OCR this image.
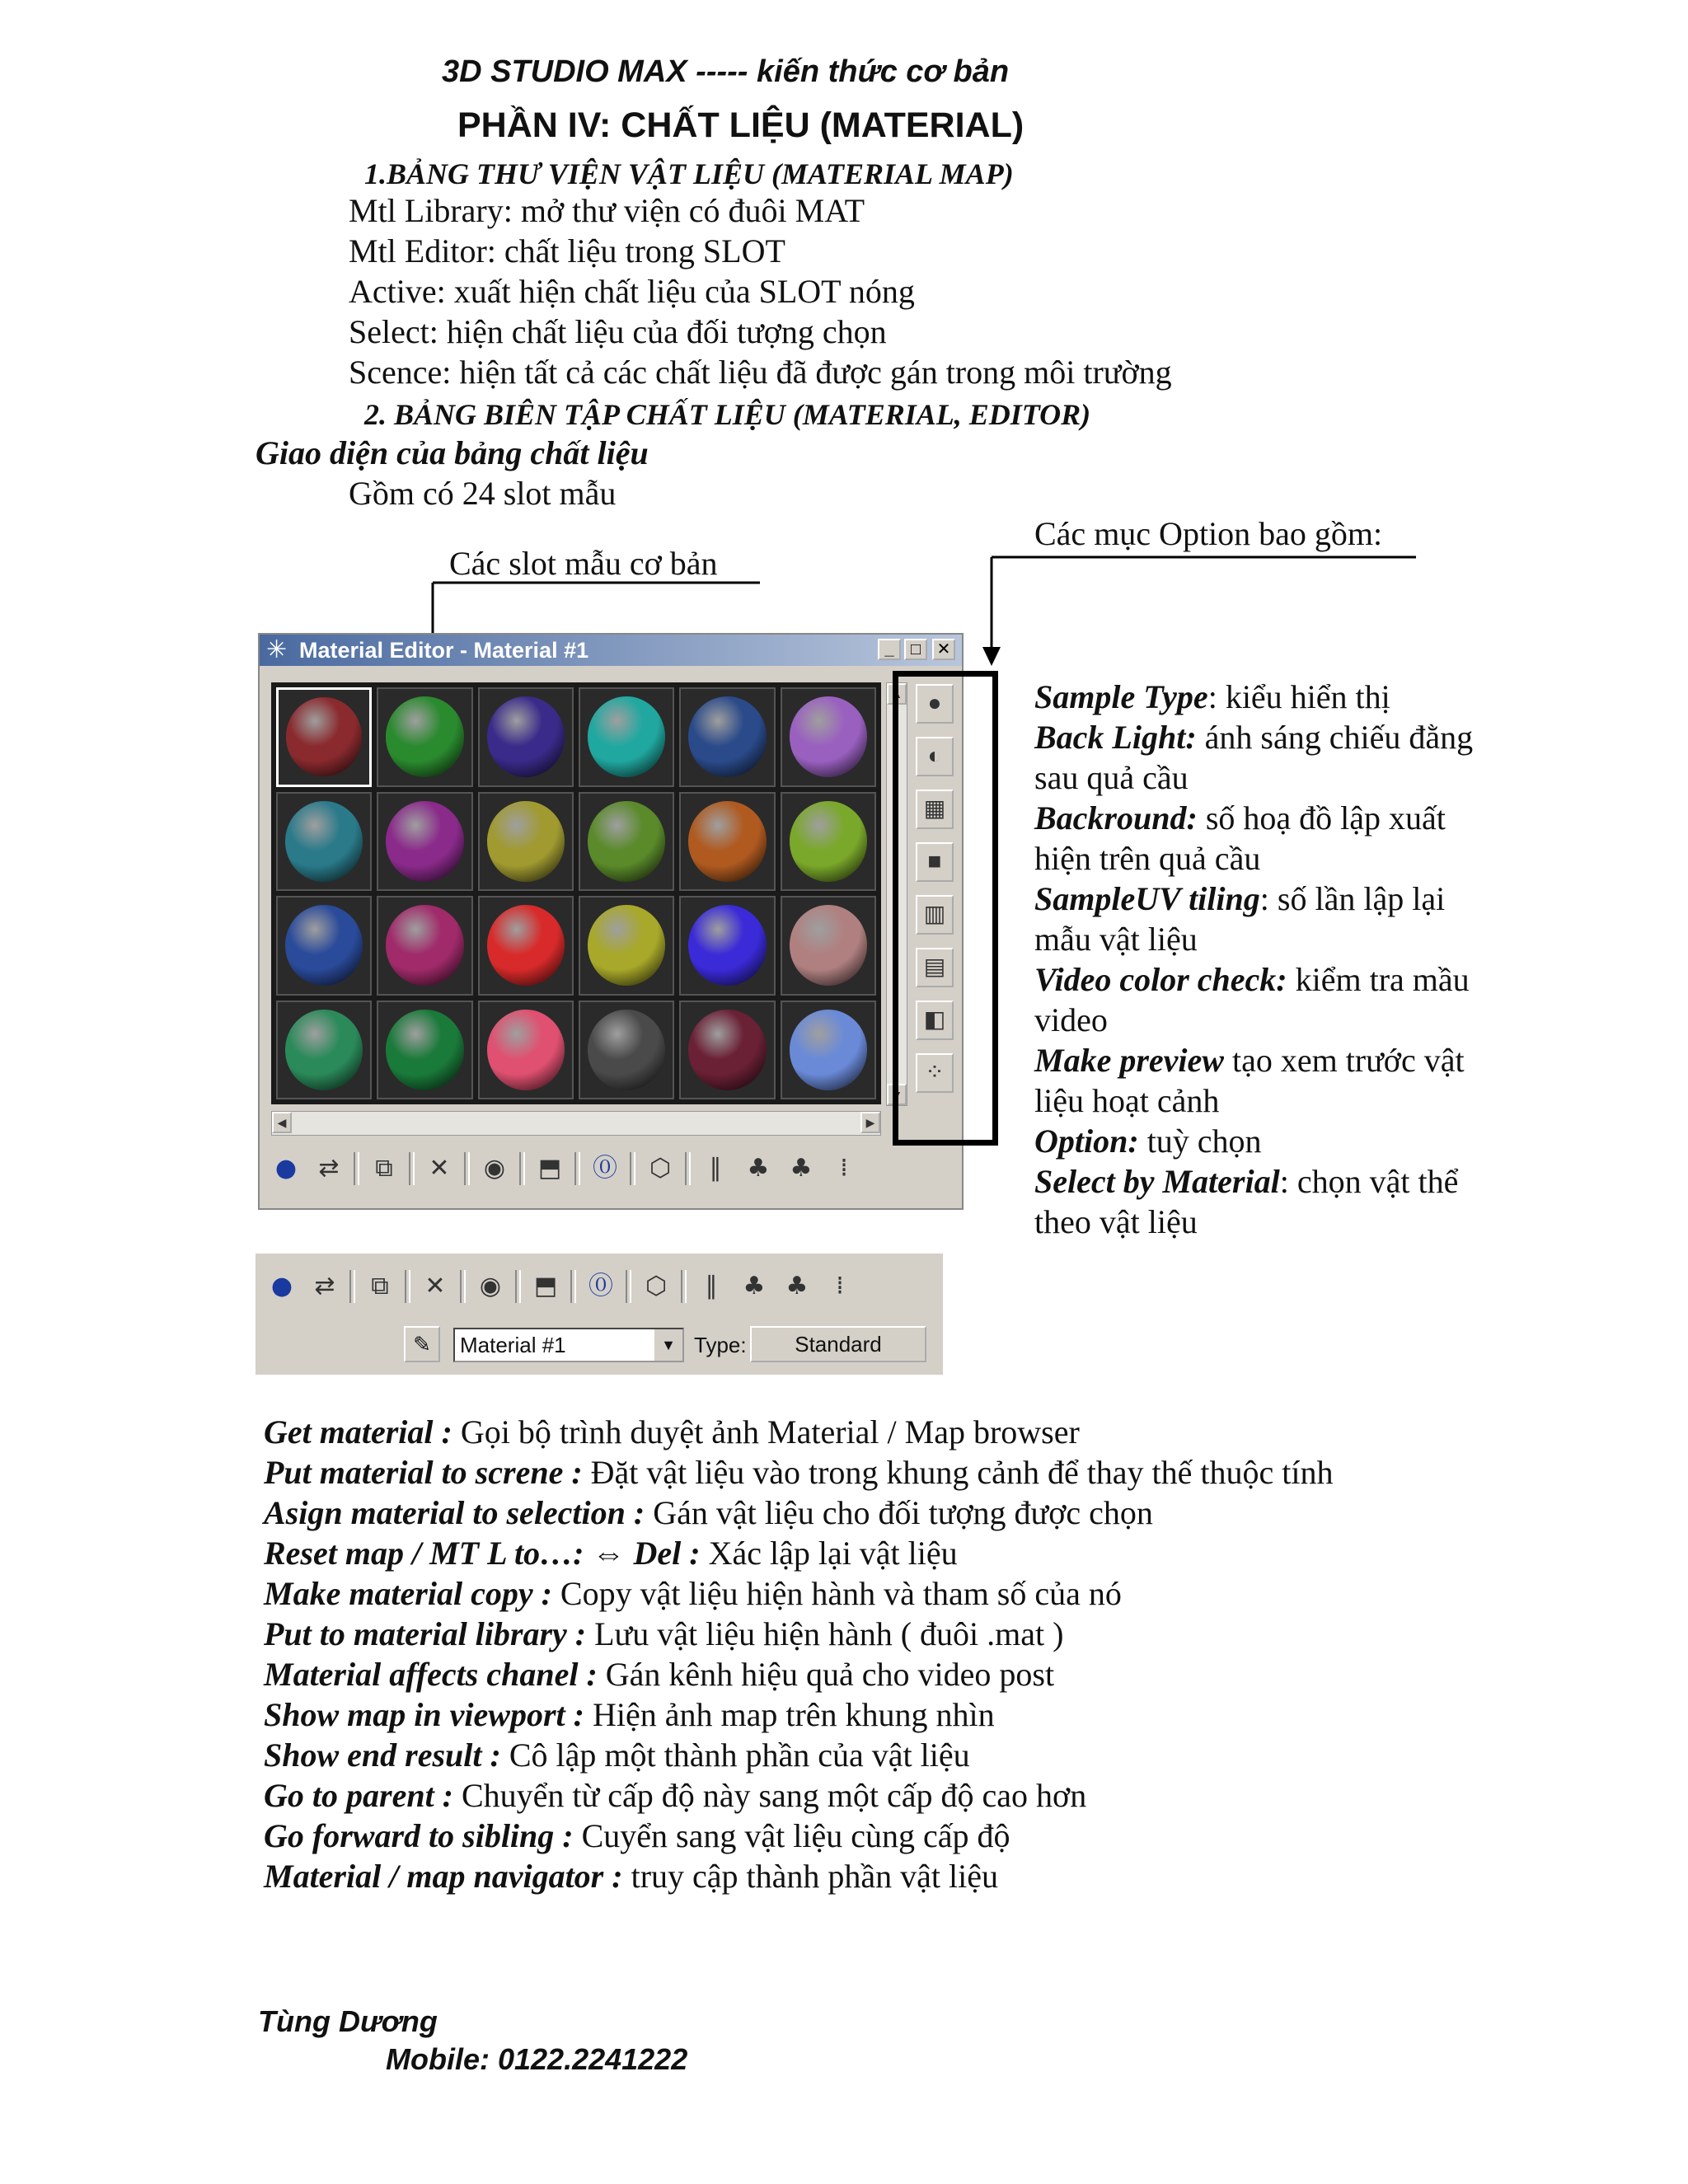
3D STUDIO MAX ----- kiến thức cơ bản
PHẦN IV: CHẤT LIỆU (MATERIAL)
1.BẢNG THƯ VIỆN VẬT LIỆU (MATERIAL MAP)
Mtl Library: mở thư viện có đuôi MAT
Mtl Editor: chất liệu trong SLOT
Active: xuất hiện chất liệu của SLOT nóng
Select: hiện chất liệu của đối tượng chọn
Scence: hiện tất cả các chất liệu đã được gán trong môi trường
2. BẢNG BIÊN TẬP CHẤT LIỆU (MATERIAL, EDITOR)
Giao diện của bảng chất liệu
Gồm có 24 slot mẫu
Các slot mẫu cơ bản
Các mục Option bao gồm:
✳ Material Editor - Material #1	_	□ ✕
▲
▼
◀	▶
●
◐
▦
■
▥
▤
◧
⁘
● ⇄	⧉	✕	◉ ⬒ ⓪ ⬡	∥	♣ ♣	⁞
Sample Type: kiểu hiển thị
Back Light: ánh sáng chiếu đằng
sau quả cầu
Backround: số hoạ đồ lập xuất
hiện trên quả cầu
SampleUV tiling: số lần lập lại
mẫu vật liệu
Video color check: kiểm tra mầu
video
Make preview tạo xem trước vật
liệu hoạt cảnh
Option: tuỳ chọn
Select by Material: chọn vật thể
theo vật liệu
● ⇄	⧉	✕	◉ ⬒ ⓪ ⬡	∥	♣ ♣	⁞
✎	Material #1	▼ Type:	Standard
Get material : Gọi bộ trình duyệt ảnh Material / Map browser
Put material to screne : Đặt vật liệu vào trong khung cảnh để thay thế thuộc tính
Asign material to selection : Gán vật liệu cho đối tượng được chọn
Reset map / MT L to…: ⇔ Del : Xác lập lại vật liệu
Make material copy : Copy vật liệu hiện hành và tham số của nó
Put to material library : Lưu vật liệu hiện hành ( đuôi .mat )
Material affects chanel : Gán kênh hiệu quả cho video post
Show map in viewport : Hiện ảnh map trên khung nhìn
Show end result : Cô lập một thành phần của vật liệu
Go to parent : Chuyển từ cấp độ này sang một cấp độ cao hơn
Go forward to sibling : Cuyển sang vật liệu cùng cấp độ
Material / map navigator : truy cập thành phần vật liệu
Tùng Dương
Mobile: 0122.2241222
